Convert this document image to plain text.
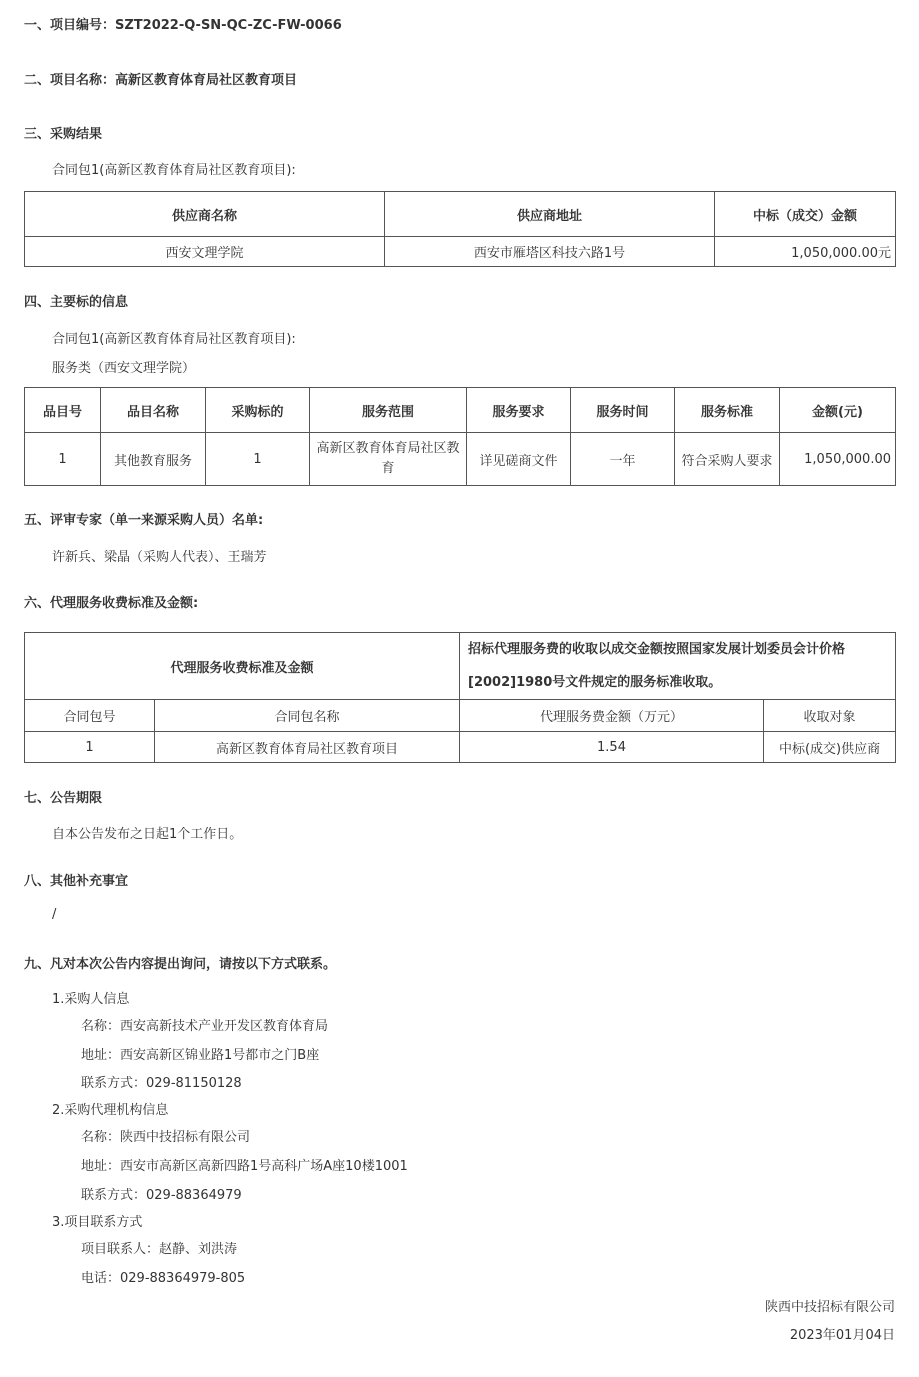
一、项目编号：SZT2022-Q-SN-QC-ZC-FW-0066
二、项目名称：高新区教育体育局社区教育项目
三、采购结果
合同包1(高新区教育体育局社区教育项目):
供应商名称	供应商地址	中标（成交）金额
西安文理学院	西安市雁塔区科技六路1号	1,050,000.00元
四、主要标的信息
合同包1(高新区教育体育局社区教育项目):
服务类（西安文理学院）
品目号	品目名称	采购标的	服务范围	服务要求	服务时间	服务标准	金额(元)
1	其他教育服务	1	高新区教育体育局社区教育	详见磋商文件	一年	符合采购人要求	1,050,000.00
五、评审专家（单一来源采购人员）名单:
许新兵、梁晶（采购人代表）、王瑞芳
六、代理服务收费标准及金额:
代理服务收费标准及金额		招标代理服务费的收取以成交金额按照国家发展计划委员会计价格[2002]1980号文件规定的服务标准收取。	
合同包号	合同包名称	代理服务费金额（万元）	收取对象
1	高新区教育体育局社区教育项目	1.54	中标(成交)供应商
七、公告期限
自本公告发布之日起1个工作日。
八、其他补充事宜
/
九、凡对本次公告内容提出询问，请按以下方式联系。
1.采购人信息
名称：西安高新技术产业开发区教育体育局
地址：西安高新区锦业路1号都市之门B座
联系方式：029-81150128
2.采购代理机构信息
名称：陕西中技招标有限公司
地址：西安市高新区高新四路1号高科广场A座10楼1001
联系方式：029-88364979
3.项目联系方式
项目联系人：赵静、刘洪涛
电话：029-88364979-805
陕西中技招标有限公司
2023年01月04日
